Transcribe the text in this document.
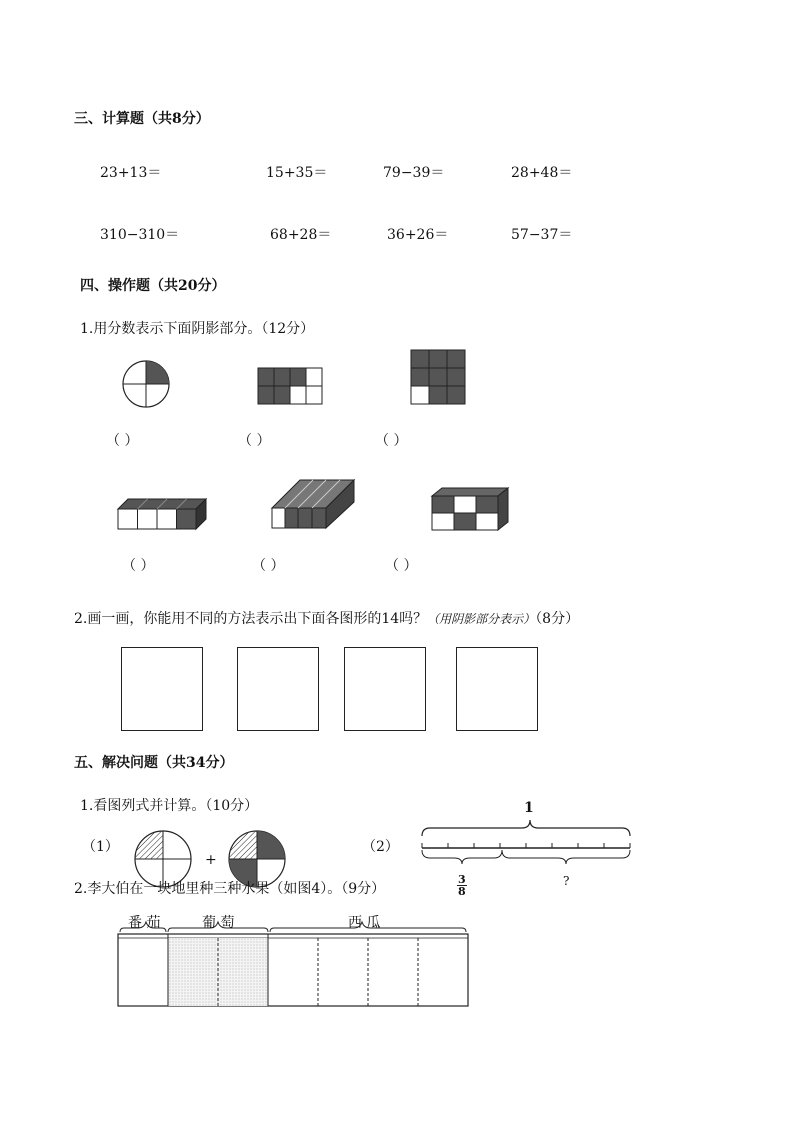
三、计算题（共8分）
23+13＝	15+35＝	79−39＝	28+48＝
310−310＝	68+28＝	36+26＝	57−37＝
四、操作题（共20分）
1.用分数表示下面阴影部分。（12分）
（ ）	（ ）	（ ）
（ ）	（ ）	（ ）
2.画一画，你能用不同的方法表示出下面各图形的14吗？（用阴影部分表示）（8分）
五、解决问题（共34分）
1.看图列式并计算。（10分）
（1）
+
（2）
1
?
2.李大伯在一块地里种三种水果（如图4）。（9分）	$\frac{3}{8}$
番 茄	葡 萄	西 瓜
